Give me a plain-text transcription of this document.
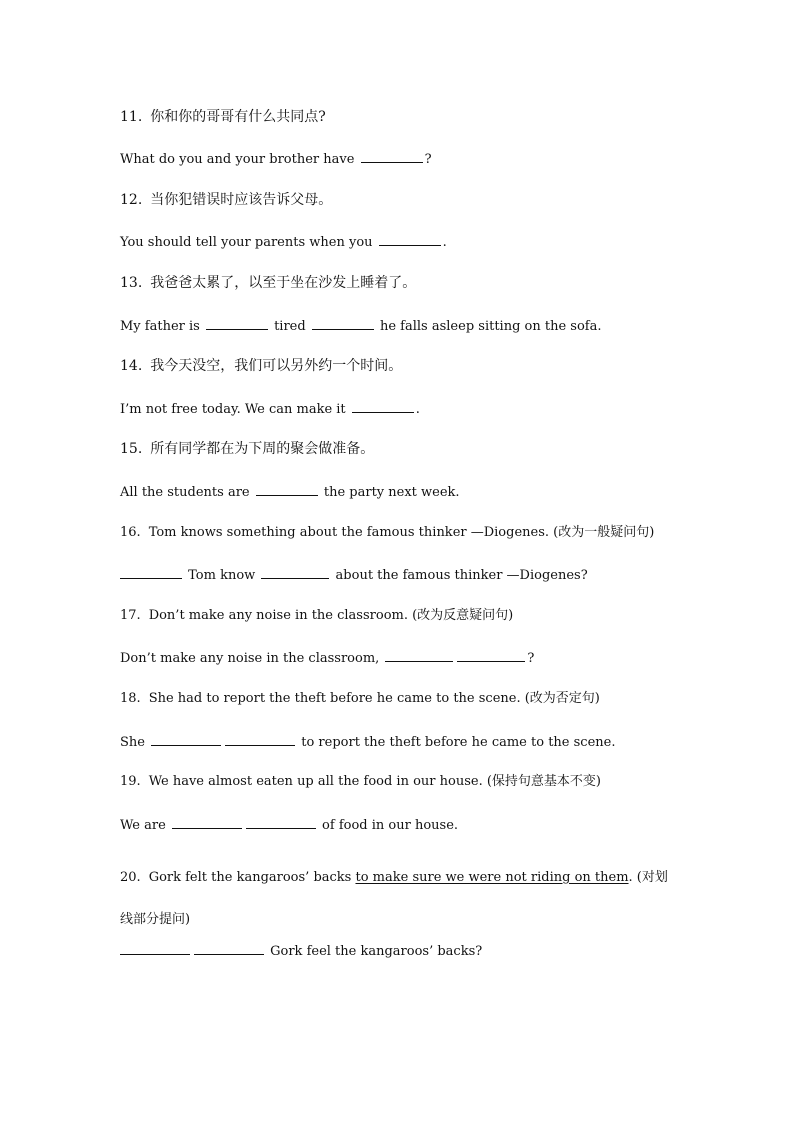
11. 你和你的哥哥有什么共同点?
What do you and your brother have	?
12. 当你犯错误时应该告诉父母。
You should tell your parents when you	.
13. 我爸爸太累了，以至于坐在沙发上睡着了。
My father is	tired	he falls asleep sitting on the sofa.
14. 我今天没空，我们可以另外约一个时间。
I’m not free today. We can make it	.
15. 所有同学都在为下周的聚会做准备。
All the students are	the party next week.
16. Tom knows something about the famous thinker —Diogenes. (改为一般疑问句)
Tom know	about the famous thinker —Diogenes?
17. Don’t make any noise in the classroom. (改为反意疑问句)
Don’t make any noise in the classroom,	?
18. She had to report the theft before he came to the scene. (改为否定句)
She	to report the theft before he came to the scene.
19. We have almost eaten up all the food in our house. (保持句意基本不变)
We are	of food in our house.
20. Gork felt the kangaroos’ backs to make sure we were not riding on them. (对划线部分提问)
Gork feel the kangaroos’ backs?
